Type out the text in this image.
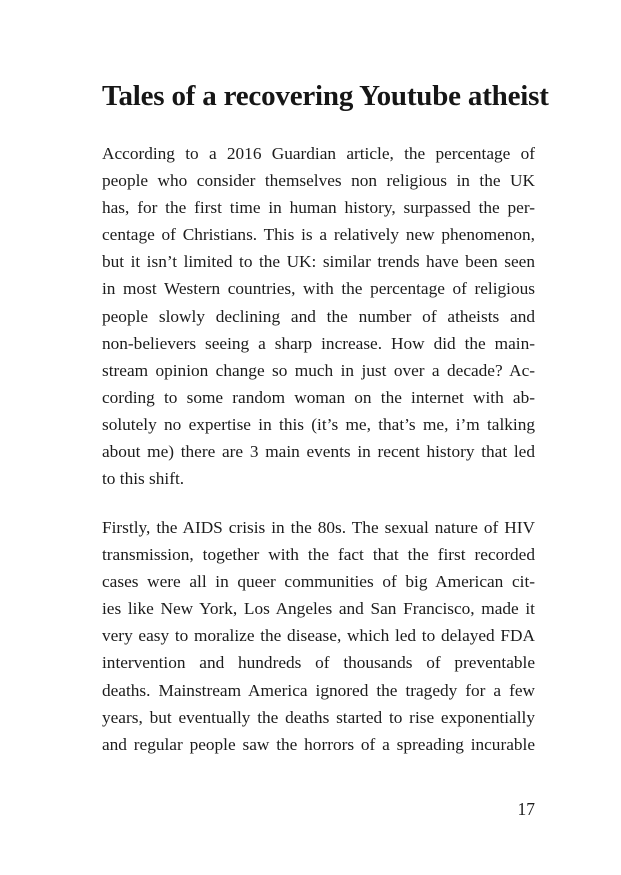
Tales of a recovering Youtube atheist
According to a 2016 Guardian article, the percentage of
people who consider themselves non religious in the UK
has, for the first time in human history, surpassed the per-
centage of Christians. This is a relatively new phenomenon,
but it isn’t limited to the UK: similar trends have been seen
in most Western countries, with the percentage of religious
people slowly declining and the number of atheists and
non-believers seeing a sharp increase. How did the main-
stream opinion change so much in just over a decade? Ac-
cording to some random woman on the internet with ab-
solutely no expertise in this (it’s me, that’s me, i’m talking
about me) there are 3 main events in recent history that led
to this shift.
Firstly, the AIDS crisis in the 80s. The sexual nature of HIV
transmission, together with the fact that the first recorded
cases were all in queer communities of big American cit-
ies like New York, Los Angeles and San Francisco, made it
very easy to moralize the disease, which led to delayed FDA
intervention and hundreds of thousands of preventable
deaths. Mainstream America ignored the tragedy for a few
years, but eventually the deaths started to rise exponentially
and regular people saw the horrors of a spreading incurable

17
